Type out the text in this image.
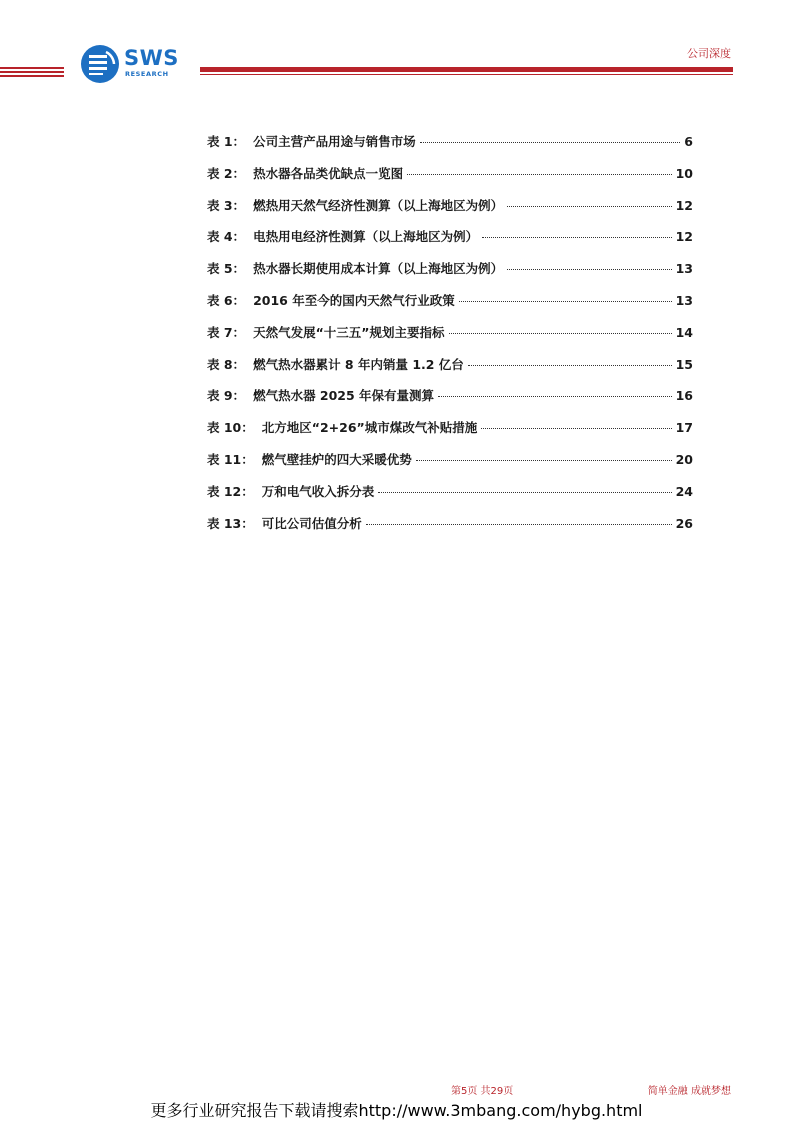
SWS
RESEARCH
公司深度
表 1： 公司主营产品用途与销售市场	6
表 2： 热水器各品类优缺点一览图	10
表 3： 燃热用天然气经济性测算（以上海地区为例）	12
表 4： 电热用电经济性测算（以上海地区为例）	12
表 5： 热水器长期使用成本计算（以上海地区为例）	13
表 6： 2016 年至今的国内天然气行业政策	13
表 7： 天然气发展“十三五”规划主要指标	14
表 8： 燃气热水器累计 8 年内销量 1.2 亿台	15
表 9： 燃气热水器 2025 年保有量测算	16
表 10： 北方地区“2+26”城市煤改气补贴措施	17
表 11： 燃气壁挂炉的四大采暖优势	20
表 12： 万和电气收入拆分表	24
表 13： 可比公司估值分析	26
第5页 共29页	简单金融 成就梦想
更多行业研究报告下载请搜索http://www.3mbang.com/hybg.html
